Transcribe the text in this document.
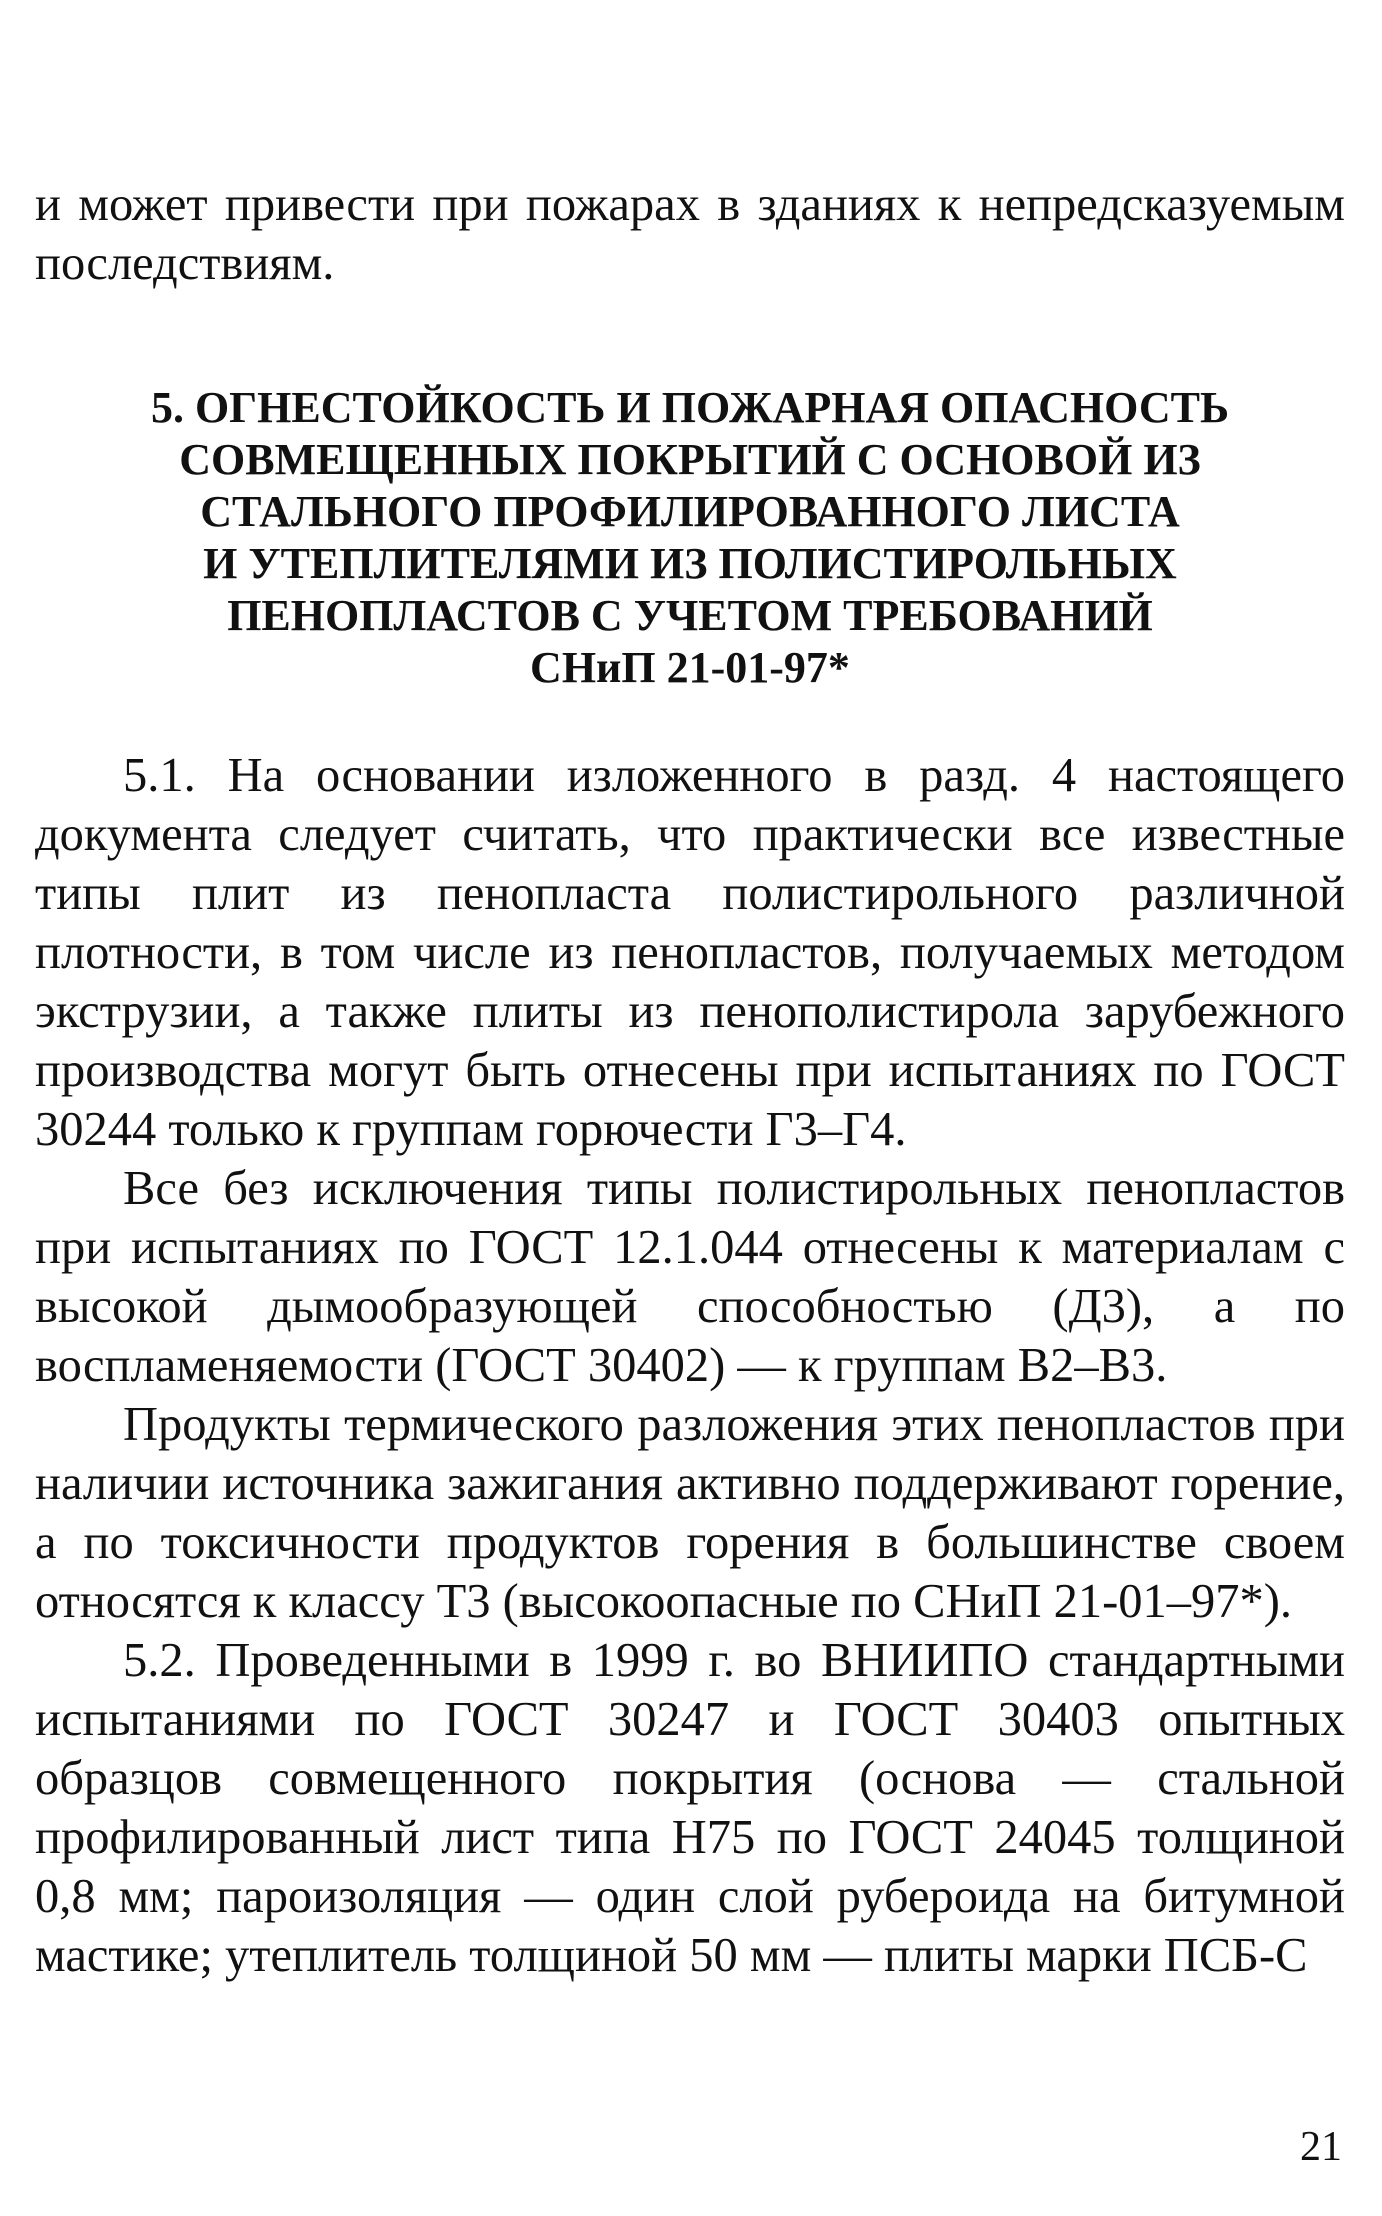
и может привести при пожарах в зданиях к непредсказуемым последствиям.

5. ОГНЕСТОЙКОСТЬ И ПОЖАРНАЯ ОПАСНОСТЬ
СОВМЕЩЕННЫХ ПОКРЫТИЙ С ОСНОВОЙ ИЗ
СТАЛЬНОГО ПРОФИЛИРОВАННОГО ЛИСТА
И УТЕПЛИТЕЛЯМИ ИЗ ПОЛИСТИРОЛЬНЫХ
ПЕНОПЛАСТОВ С УЧЕТОМ ТРЕБОВАНИЙ
СНиП 21-01-97*

5.1. На основании изложенного в разд. 4 настоящего документа следует считать, что практически все известные типы плит из пенопласта полистирольного различной плотности, в том числе из пенопластов, получаемых методом экструзии, а также плиты из пенополистирола зарубежного производства могут быть отнесены при испытаниях по ГОСТ 30244 только к группам горючести Г3–Г4.

Все без исключения типы полистирольных пенопластов при испытаниях по ГОСТ 12.1.044 отнесены к материалам с высокой дымообразующей способностью (Д3), а по воспламеняемости (ГОСТ 30402) — к группам В2–В3.

Продукты термического разложения этих пенопластов при наличии источника зажигания активно поддерживают горение, а по токсичности продуктов горения в большинстве своем относятся к классу Т3 (высокоопасные по СНиП 21-01–97*).

5.2. Проведенными в 1999 г. во ВНИИПО стандартными испытаниями по ГОСТ 30247 и ГОСТ 30403 опытных образцов совмещенного покрытия (основа — стальной профилированный лист типа Н75 по ГОСТ 24045 толщиной 0,8 мм; пароизоляция — один слой рубероида на битумной мастике; утеплитель толщиной 50 мм — плиты марки ПСБ-С

21
